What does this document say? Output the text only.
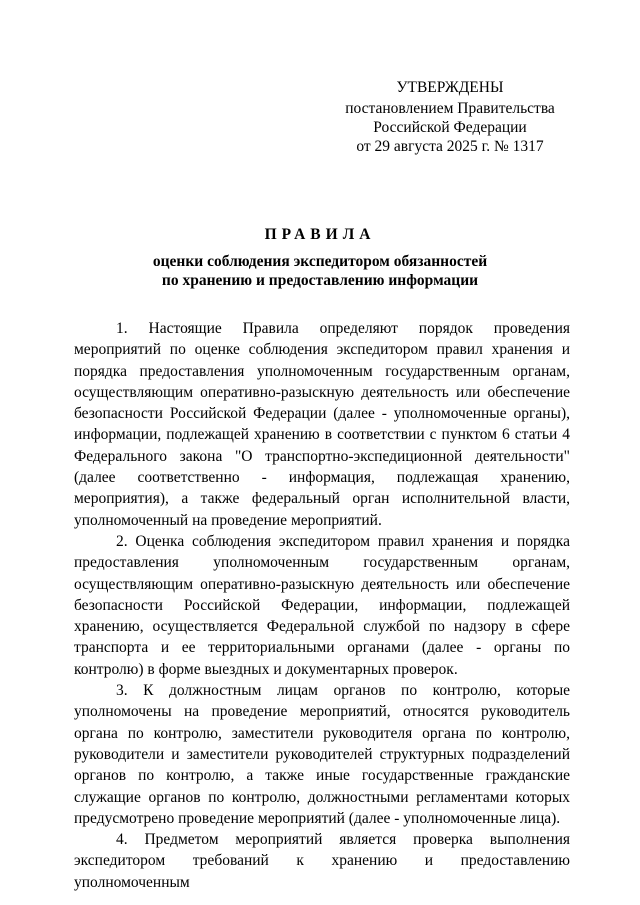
УТВЕРЖДЕНЫ
постановлением Правительства
Российской Федерации
от 29 августа 2025 г. № 1317
ПРАВИЛА
оценки соблюдения экспедитором обязанностей
по хранению и предоставлению информации

1. Настоящие Правила определяют порядок проведения мероприятий по оценке соблюдения экспедитором правил хранения и порядка предоставления уполномоченным государственным органам, осуществляющим оперативно-разыскную деятельность или обеспечение безопасности Российской Федерации (далее - уполномоченные органы), информации, подлежащей хранению в соответствии с пунктом 6 статьи 4 Федерального закона "О транспортно-экспедиционной деятельности" (далее соответственно - информация, подлежащая хранению, мероприятия), а также федеральный орган исполнительной власти, уполномоченный на проведение мероприятий.

2. Оценка соблюдения экспедитором правил хранения и порядка предоставления уполномоченным государственным органам, осуществляющим оперативно-разыскную деятельность или обеспечение безопасности Российской Федерации, информации, подлежащей хранению, осуществляется Федеральной службой по надзору в сфере транспорта и ее территориальными органами (далее - органы по контролю) в форме выездных и документарных проверок.

3. К должностным лицам органов по контролю, которые уполномочены на проведение мероприятий, относятся руководитель органа по контролю, заместители руководителя органа по контролю, руководители и заместители руководителей структурных подразделений органов по контролю, а также иные государственные гражданские служащие органов по контролю, должностными регламентами которых предусмотрено проведение мероприятий (далее - уполномоченные лица).

4. Предметом мероприятий является проверка выполнения экспедитором требований к хранению и предоставлению уполномоченным
